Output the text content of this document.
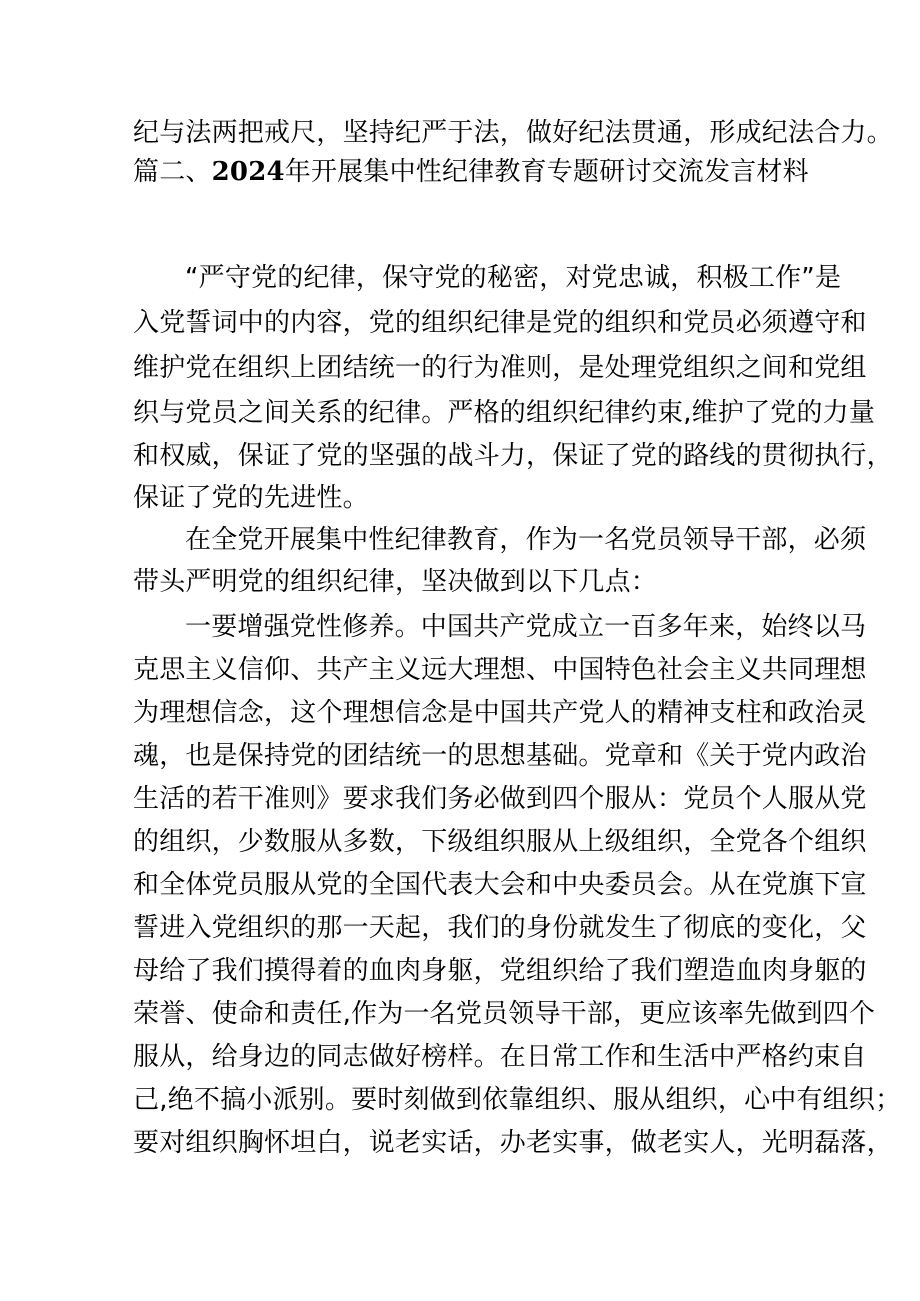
纪与法两把戒尺，坚持纪严于法，做好纪法贯通，形成纪法合力。
篇二、2024年开展集中性纪律教育专题研讨交流发言材料
“严守党的纪律，保守党的秘密，对党忠诚，积极工作”是
入党誓词中的内容，党的组织纪律是党的组织和党员必须遵守和
维护党在组织上团结统一的行为准则，是处理党组织之间和党组
织与党员之间关系的纪律。严格的组织纪律约束,维护了党的力量
和权威，保证了党的坚强的战斗力，保证了党的路线的贯彻执行，
保证了党的先进性。
在全党开展集中性纪律教育，作为一名党员领导干部，必须
带头严明党的组织纪律，坚决做到以下几点：
一要增强党性修养。中国共产党成立一百多年来，始终以马
克思主义信仰、共产主义远大理想、中国特色社会主义共同理想
为理想信念，这个理想信念是中国共产党人的精神支柱和政治灵
魂，也是保持党的团结统一的思想基础。党章和《关于党内政治
生活的若干准则》要求我们务必做到四个服从：党员个人服从党
的组织，少数服从多数，下级组织服从上级组织，全党各个组织
和全体党员服从党的全国代表大会和中央委员会。从在党旗下宣
誓进入党组织的那一天起，我们的身份就发生了彻底的变化，父
母给了我们摸得着的血肉身躯，党组织给了我们塑造血肉身躯的
荣誉、使命和责任,作为一名党员领导干部，更应该率先做到四个
服从，给身边的同志做好榜样。在日常工作和生活中严格约束自
己,绝不搞小派别。要时刻做到依靠组织、服从组织，心中有组织；
要对组织胸怀坦白，说老实话，办老实事，做老实人，光明磊落，
